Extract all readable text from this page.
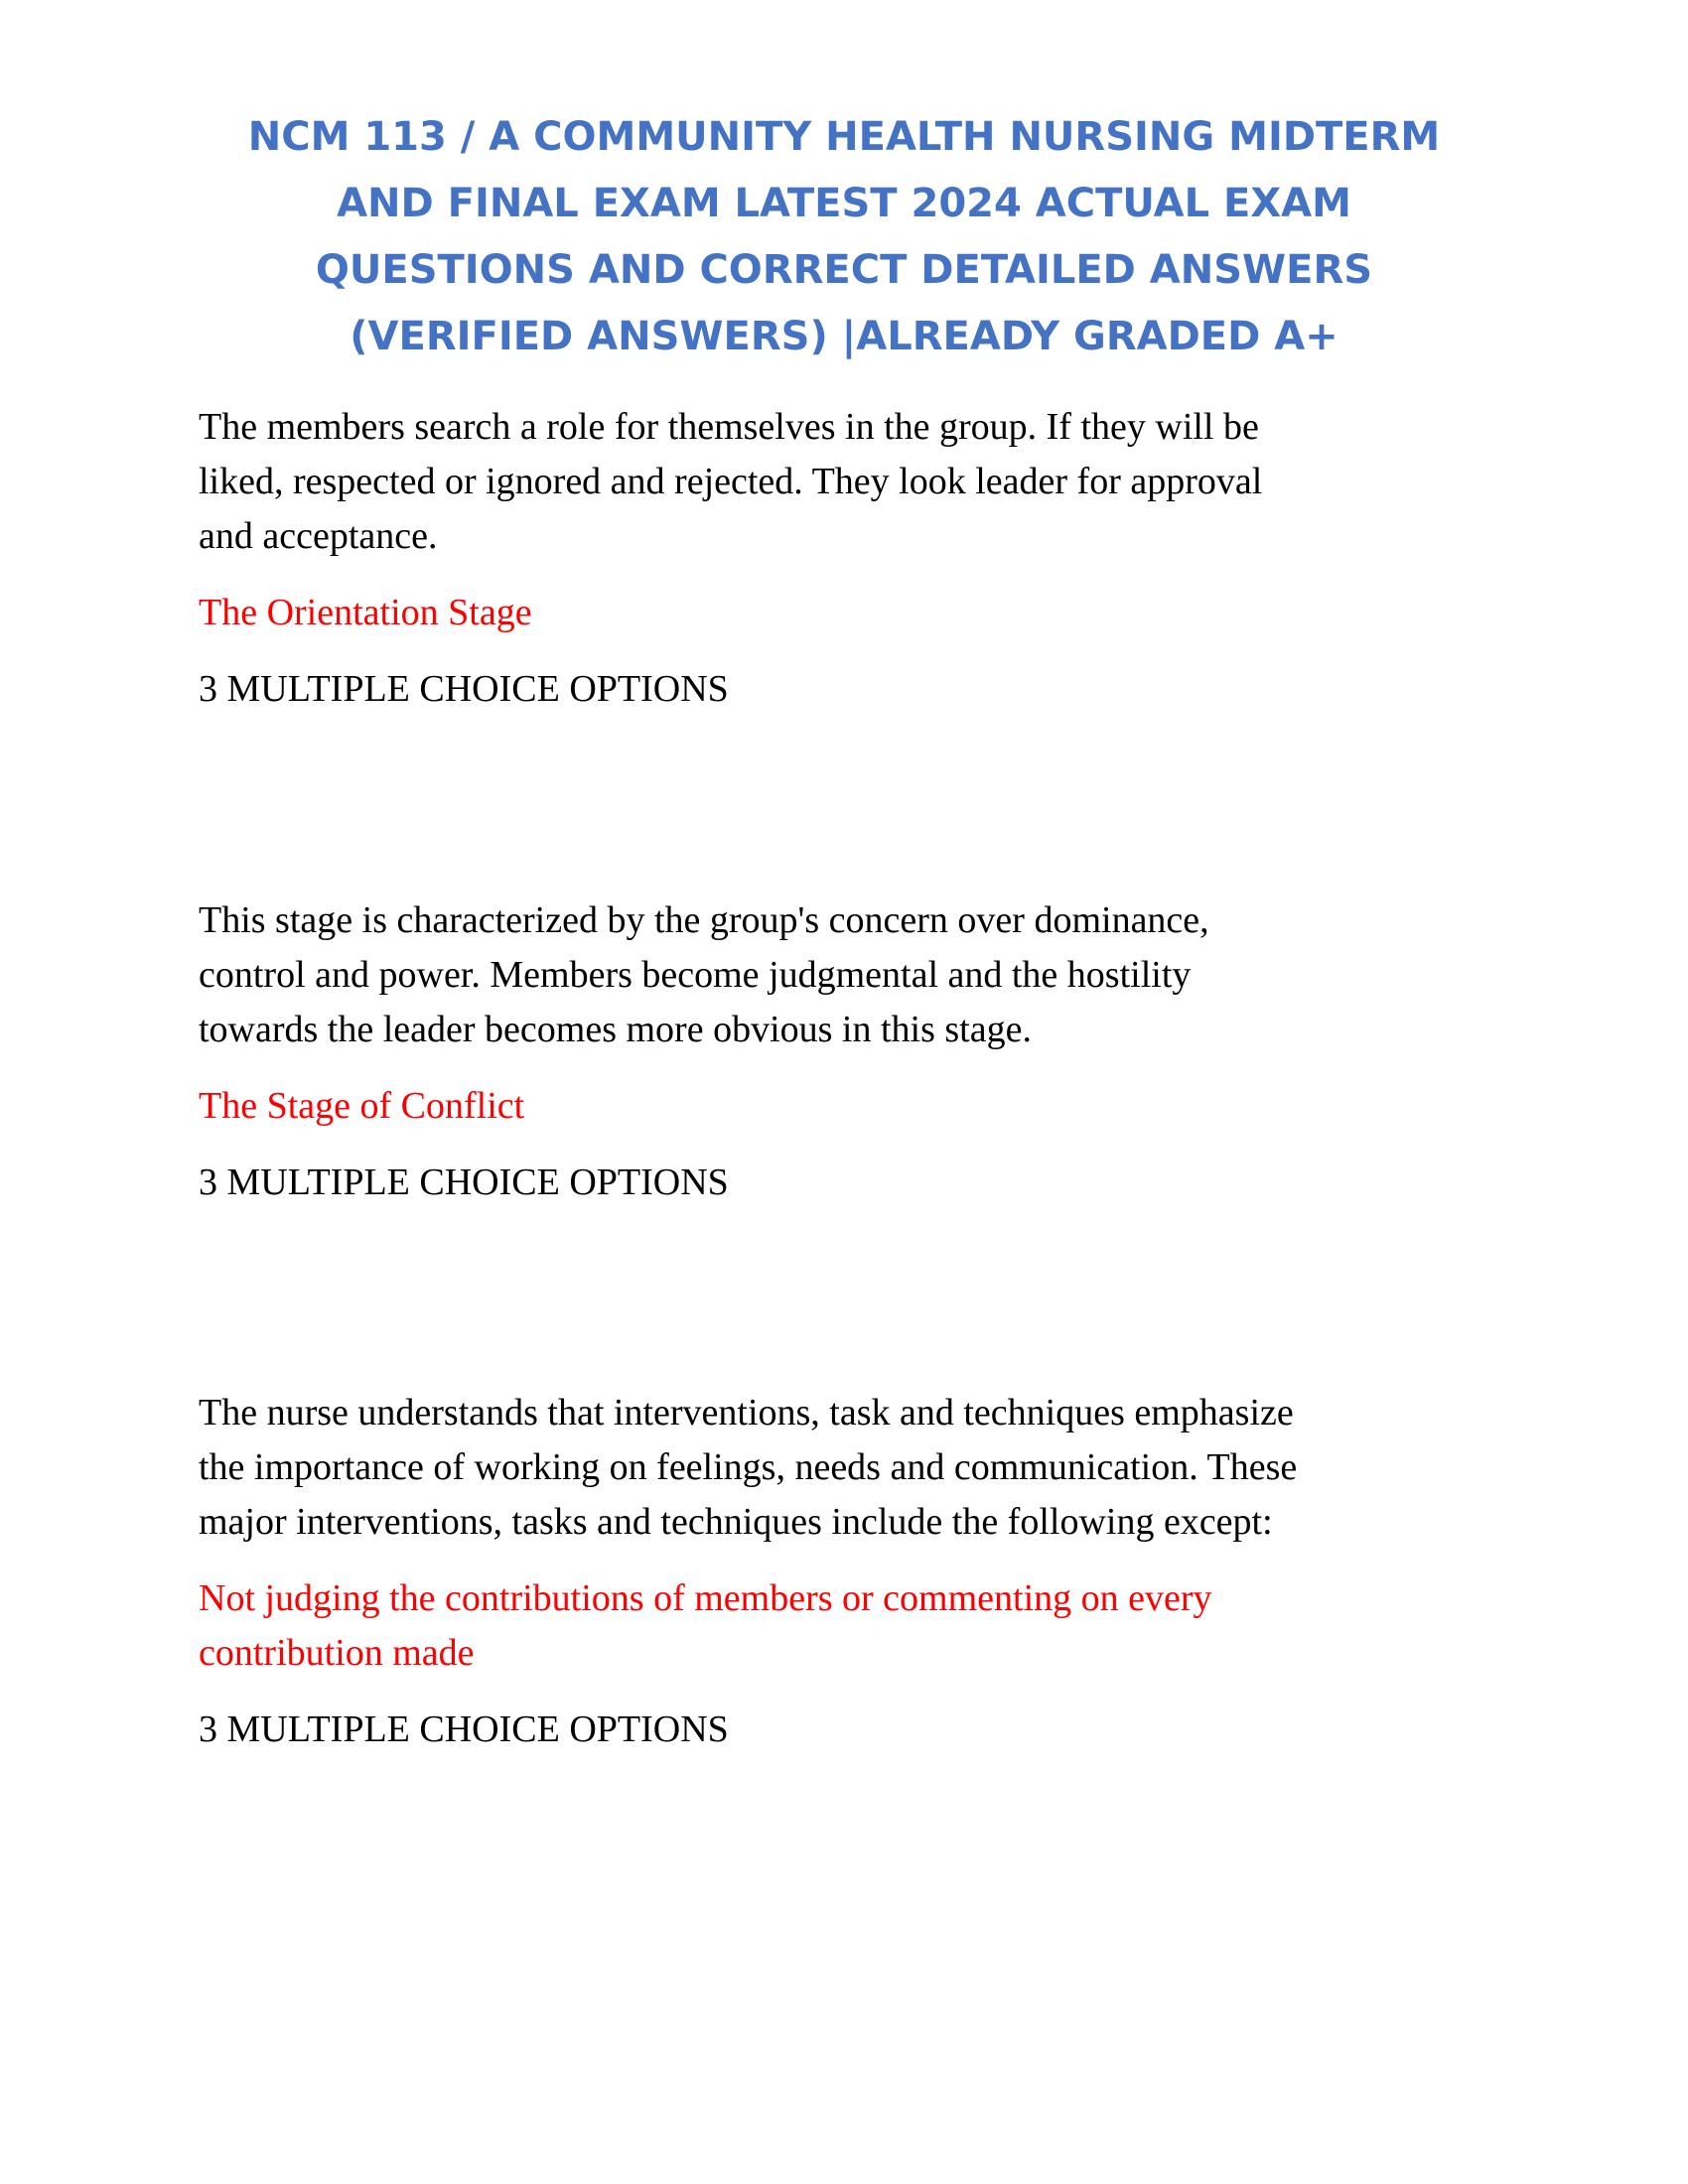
NCM 113 / A COMMUNITY HEALTH NURSING MIDTERM
AND FINAL EXAM LATEST 2024 ACTUAL EXAM
QUESTIONS AND CORRECT DETAILED ANSWERS
(VERIFIED ANSWERS) |ALREADY GRADED A+

The members search a role for themselves in the group. If they will be
liked, respected or ignored and rejected. They look leader for approval
and acceptance.

The Orientation Stage

3 MULTIPLE CHOICE OPTIONS

This stage is characterized by the group's concern over dominance,
control and power. Members become judgmental and the hostility
towards the leader becomes more obvious in this stage.

The Stage of Conflict

3 MULTIPLE CHOICE OPTIONS

The nurse understands that interventions, task and techniques emphasize
the importance of working on feelings, needs and communication. These
major interventions, tasks and techniques include the following except:

Not judging the contributions of members or commenting on every
contribution made

3 MULTIPLE CHOICE OPTIONS
